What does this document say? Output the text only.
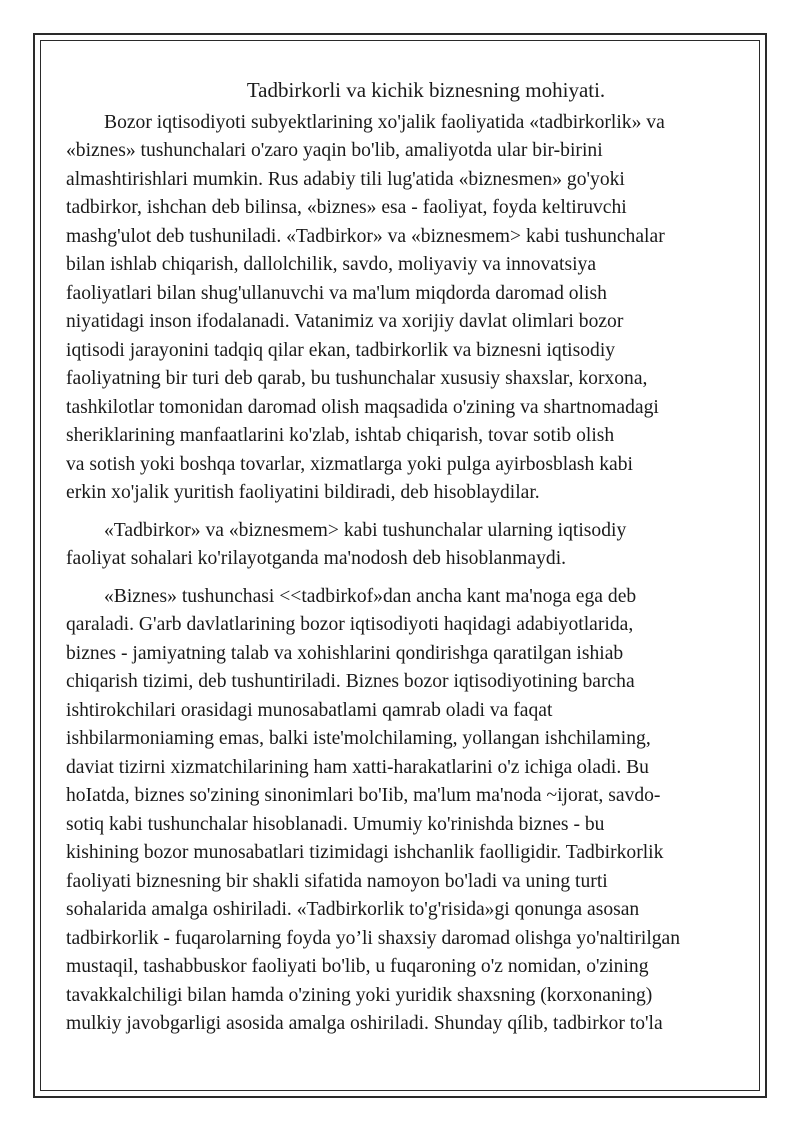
Tadbirkorli va kichik biznesning mohiyati.
Bozor iqtisodiyoti subyektlarining xo'jalik faoliyatida «tadbirkorlik» va
«biznes» tushunchalari o'zaro yaqin bo'lib, amaliyotda ular bir-birini
almashtirishlari mumkin. Rus adabiy tili lug'atida «biznesmen» go'yoki
tadbirkor, ishchan deb bilinsa, «biznes» esa - faoliyat, foyda keltiruvchi
mashg'ulot deb tushuniladi. «Tadbirkor» va «biznesmem> kabi tushunchalar
bilan ishlab chiqarish, dallolchilik, savdo, moliyaviy va innovatsiya
faoliyatlari bilan shug'ullanuvchi va ma'lum miqdorda daromad olish
niyatidagi inson ifodalanadi. Vatanimiz va xorijiy davlat olimlari bozor
iqtisodi jarayonini tadqiq qilar ekan, tadbirkorlik va biznesni iqtisodiy
faoliyatning bir turi deb qarab, bu tushunchalar xususiy shaxslar, korxona,
tashkilotlar tomonidan daromad olish maqsadida o'zining va shartnomadagi
sheriklarining manfaatlarini ko'zlab, ishtab chiqarish, tovar sotib olish
va sotish yoki boshqa tovarlar, xizmatlarga yoki pulga ayirbosblash kabi
erkin xo'jalik yuritish faoliyatini bildiradi, deb hisoblaydilar.
«Tadbirkor» va «biznesmem> kabi tushunchalar ularning iqtisodiy
faoliyat sohalari ko'rilayotganda ma'nodosh deb hisoblanmaydi.
«Biznes» tushunchasi <<tadbirkof»dan ancha kant ma'noga ega deb
qaraladi. G'arb davlatlarining bozor iqtisodiyoti haqidagi adabiyotlarida,
biznes - jamiyatning talab va xohishlarini qondirishga qaratilgan ishiab
chiqarish tizimi, deb tushuntiriladi. Biznes bozor iqtisodiyotining barcha
ishtirokchilari orasidagi munosabatlami qamrab oladi va faqat
ishbilarmoniaming emas, balki iste'molchilaming, yollangan ishchilaming,
daviat tizirni xizmatchilarining ham xatti-harakatlarini o'z ichiga oladi. Bu
hoIatda, biznes so'zining sinonimlari bo'Iib, ma'lum ma'noda ~ijorat, savdo-
sotiq kabi tushunchalar hisoblanadi. Umumiy ko'rinishda biznes - bu
kishining bozor munosabatlari tizimidagi ishchanlik faolligidir. Tadbirkorlik
faoliyati biznesning bir shakli sifatida namoyon bo'ladi va uning turti
sohalarida amalga oshiriladi. «Tadbirkorlik to'g'risida»gi qonunga asosan
tadbirkorlik - fuqarolarning foyda yo’li shaxsiy daromad olishga yo'naltirilgan
mustaqil, tashabbuskor faoliyati bo'lib, u fuqaroning o'z nomidan, o'zining
tavakkalchiligi bilan hamda o'zining yoki yuridik shaxsning (korxonaning)
mulkiy javobgarligi asosida amalga oshiriladi. Shunday qílib, tadbirkor to'la
